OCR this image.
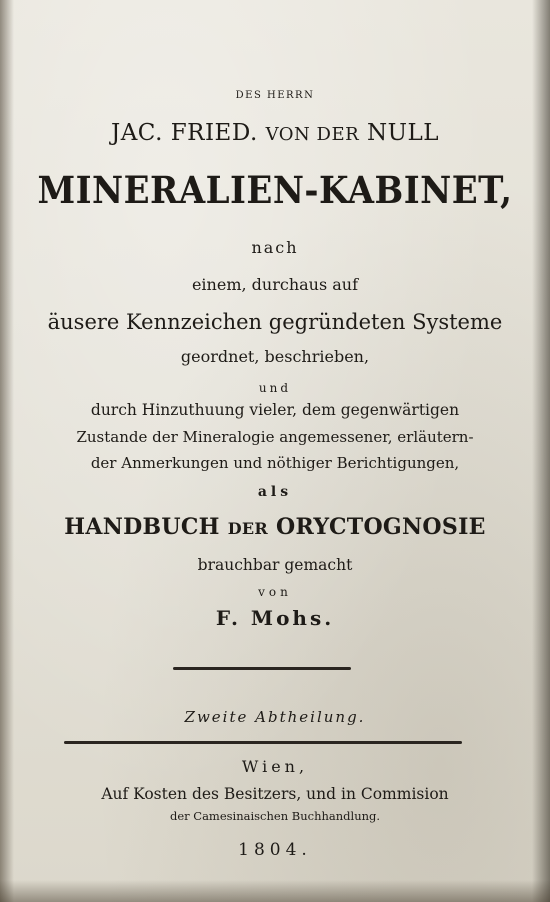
DES HERRN
JAC. FRIED. VON DER NULL
MINERALIEN-KABINET,
nach
einem, durchaus auf
äusere Kennzeichen gegründeten Systeme
geordnet, beschrieben,
und
durch Hinzuthuung vieler, dem gegenwärtigen
Zustande der Mineralogie angemessener, erläutern-
der Anmerkungen und nöthiger Berichtigungen,
als
HANDBUCH DER ORYCTOGNOSIE
brauchbar gemacht
von
F. Mohs.
Zweite Abtheilung.
Wien,
Auf Kosten des Besitzers, und in Commision
der Camesinaischen Buchhandlung.
1804.
